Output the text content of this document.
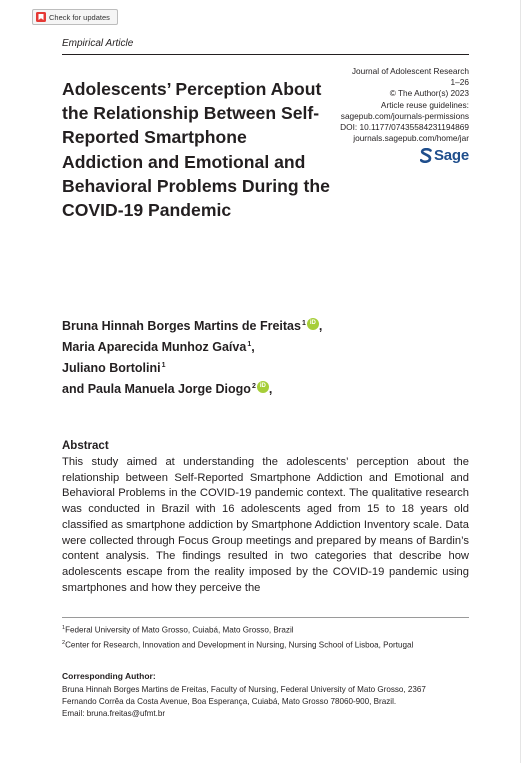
Check for updates
Empirical Article
Adolescents’ Perception About the Relationship Between Self-Reported Smartphone Addiction and Emotional and Behavioral Problems During the COVID-19 Pandemic
Journal of Adolescent Research
1–26
© The Author(s) 2023
Article reuse guidelines:
sagepub.com/journals-permissions
DOI: 10.1177/07435584231194869
journals.sagepub.com/home/jar
Sage
Bruna Hinnah Borges Martins de Freitas$^1$ iD ,
Maria Aparecida Munhoz Gaíva$^1$ ,
Juliano Bortolini$^1$
and Paula Manuela Jorge Diogo$^2$ iD ,
Abstract
This study aimed at understanding the adolescents’ perception about the relationship between Self-Reported Smartphone Addiction and Emotional and Behavioral Problems in the COVID-19 pandemic context. The qualitative research was conducted in Brazil with 16 adolescents aged from 15 to 18 years old classified as smartphone addiction by Smartphone Addiction Inventory scale. Data were collected through Focus Group meetings and prepared by means of Bardin’s content analysis. The findings resulted in two categories that describe how adolescents escape from the reality imposed by the COVID-19 pandemic using smartphones and how they perceive the
$^1$Federal University of Mato Grosso, Cuiabá, Mato Grosso, Brazil
$^2$Center for Research, Innovation and Development in Nursing, Nursing School of Lisboa, Portugal
Corresponding Author:
Bruna Hinnah Borges Martins de Freitas, Faculty of Nursing, Federal University of Mato Grosso, 2367 Fernando Corrêa da Costa Avenue, Boa Esperança, Cuiabá, Mato Grosso 78060-900, Brazil.
Email: bruna.freitas@ufmt.br
